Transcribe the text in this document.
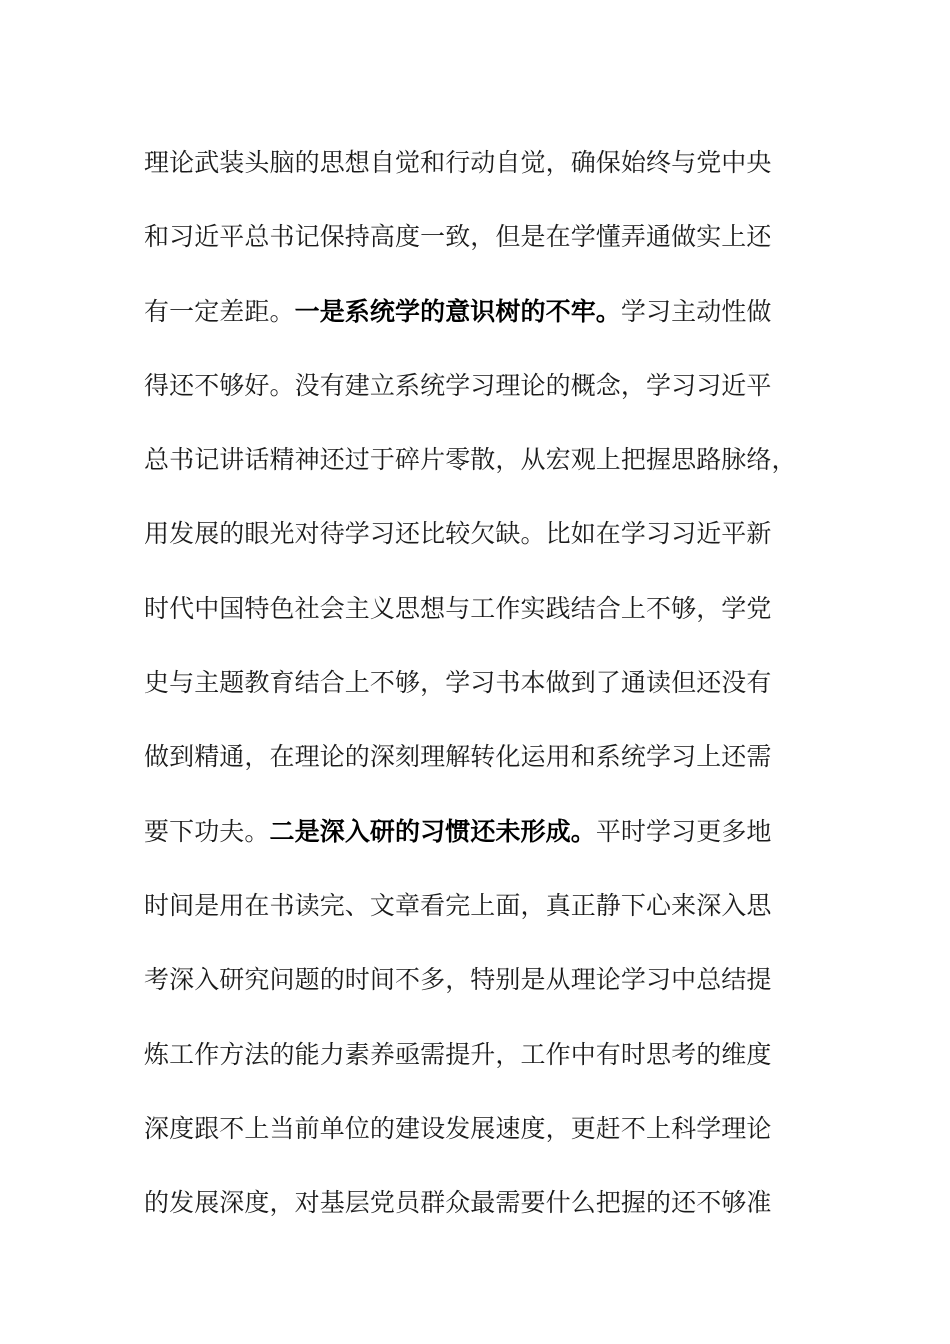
理论武装头脑的思想自觉和行动自觉，确保始终与党中央
和习近平总书记保持高度一致，但是在学懂弄通做实上还
有一定差距。一是系统学的意识树的不牢。学习主动性做
得还不够好。没有建立系统学习理论的概念，学习习近平
总书记讲话精神还过于碎片零散，从宏观上把握思路脉络，
用发展的眼光对待学习还比较欠缺。比如在学习习近平新
时代中国特色社会主义思想与工作实践结合上不够，学党
史与主题教育结合上不够，学习书本做到了通读但还没有
做到精通，在理论的深刻理解转化运用和系统学习上还需
要下功夫。二是深入研的习惯还未形成。平时学习更多地
时间是用在书读完、文章看完上面，真正静下心来深入思
考深入研究问题的时间不多，特别是从理论学习中总结提
炼工作方法的能力素养亟需提升，工作中有时思考的维度
深度跟不上当前单位的建设发展速度，更赶不上科学理论
的发展深度，对基层党员群众最需要什么把握的还不够准
